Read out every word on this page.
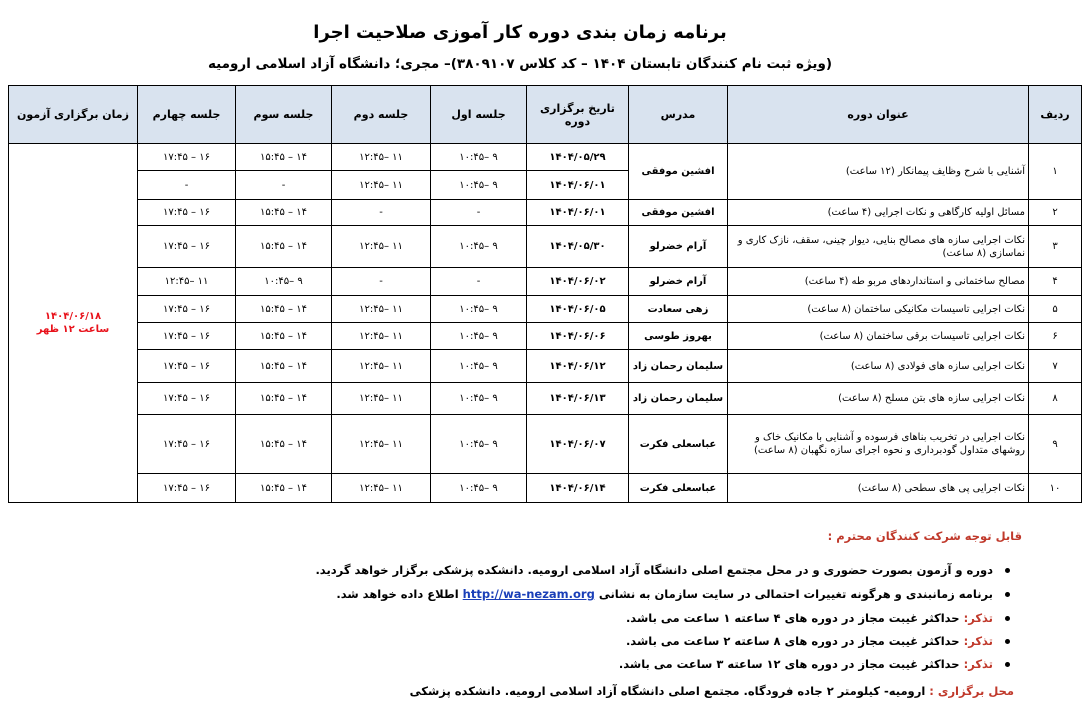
برنامه زمان بندی دوره کار آموزی صلاحیت اجرا
(ویژه ثبت نام کنندگان تابستان ۱۴۰۴ – کد کلاس ۳۸۰۹۱۰۷)– مجری؛ دانشگاه آزاد اسلامی ارومیه
ردیف	عنوان دوره	مدرس	تاریخ برگزاری دوره	جلسه اول	جلسه دوم	جلسه سوم	جلسه چهارم	زمان برگزاری آزمون
۱	آشنایی با شرح وظایف پیمانکار (۱۲ ساعت)	افشین موفقی	۱۴۰۴/۰۵/۲۹	۹ –۱۰:۴۵	۱۱ –۱۲:۴۵	۱۴ – ۱۵:۴۵	۱۶ – ۱۷:۴۵	۱۴۰۴/۰۶/۱۸
ساعت ۱۲ ظهر

			۱۴۰۴/۰۶/۰۱	۹ –۱۰:۴۵	۱۱ –۱۲:۴۵	-	-	
۲	مسائل اولیه کارگاهی و نکات اجرایی (۴ ساعت)	افشین موفقی	۱۴۰۴/۰۶/۰۱	-	-	۱۴ – ۱۵:۴۵	۱۶ – ۱۷:۴۵	
۳	نکات اجرایی سازه های مصالح بنایی، دیوار چینی، سقف، نازک کاری و نماسازی (۸ ساعت)	آرام خضرلو	۱۴۰۴/۰۵/۳۰	۹ –۱۰:۴۵	۱۱ –۱۲:۴۵	۱۴ – ۱۵:۴۵	۱۶ – ۱۷:۴۵	
۴	مصالح ساختمانی و استانداردهای مربو طه (۴ ساعت)	آرام خضرلو	۱۴۰۴/۰۶/۰۲	-	-	۹ –۱۰:۴۵	۱۱ –۱۲:۴۵	
۵	نکات اجرایی تاسیسات مکانیکی ساختمان (۸ ساعت)	زهی سعادت	۱۴۰۴/۰۶/۰۵	۹ –۱۰:۴۵	۱۱ –۱۲:۴۵	۱۴ – ۱۵:۴۵	۱۶ – ۱۷:۴۵	
۶	نکات اجرایی تاسیسات برقی ساختمان (۸ ساعت)	بهروز طوسی	۱۴۰۴/۰۶/۰۶	۹ –۱۰:۴۵	۱۱ –۱۲:۴۵	۱۴ – ۱۵:۴۵	۱۶ – ۱۷:۴۵	
۷	نکات اجرایی سازه های فولادی (۸ ساعت)	سلیمان رحمان زاد	۱۴۰۴/۰۶/۱۲	۹ –۱۰:۴۵	۱۱ –۱۲:۴۵	۱۴ – ۱۵:۴۵	۱۶ – ۱۷:۴۵	
۸	نکات اجرایی سازه های بتن مسلح (۸ ساعت)	سلیمان رحمان زاد	۱۴۰۴/۰۶/۱۳	۹ –۱۰:۴۵	۱۱ –۱۲:۴۵	۱۴ – ۱۵:۴۵	۱۶ – ۱۷:۴۵	
۹	نکات اجرایی در تخریب بناهای فرسوده و آشنایی با مکانیک خاک و روشهای متداول گودبرداری و نحوه اجرای سازه نگهبان (۸ ساعت)	عباسعلی فکرت	۱۴۰۴/۰۶/۰۷	۹ –۱۰:۴۵	۱۱ –۱۲:۴۵	۱۴ – ۱۵:۴۵	۱۶ – ۱۷:۴۵	
۱۰	نکات اجرایی پی های سطحی (۸ ساعت)	عباسعلی فکرت	۱۴۰۴/۰۶/۱۴	۹ –۱۰:۴۵	۱۱ –۱۲:۴۵	۱۴ – ۱۵:۴۵	۱۶ – ۱۷:۴۵	
قابل توجه شرکت کنندگان محترم :
دوره و آزمون بصورت حضوری و در محل مجتمع اصلی دانشگاه آزاد اسلامی ارومیه. دانشکده پزشکی برگزار خواهد گردید.
برنامه زمانبندی و هرگونه تغییرات احتمالی در سایت سازمان به نشانی http://wa-nezam.org اطلاع داده خواهد شد.
تذکر: حداکثر غیبت مجاز در دوره های ۴ ساعته ۱ ساعت می باشد.
تذکر: حداکثر غیبت مجاز در دوره های ۸ ساعته ۲ ساعت می باشد.
تذکر: حداکثر غیبت مجاز در دوره های ۱۲ ساعته ۳ ساعت می باشد.
محل برگزاری : ارومیه- کیلومتر ۲ جاده فرودگاه. مجتمع اصلی دانشگاه آزاد اسلامی ارومیه. دانشکده پزشکی
